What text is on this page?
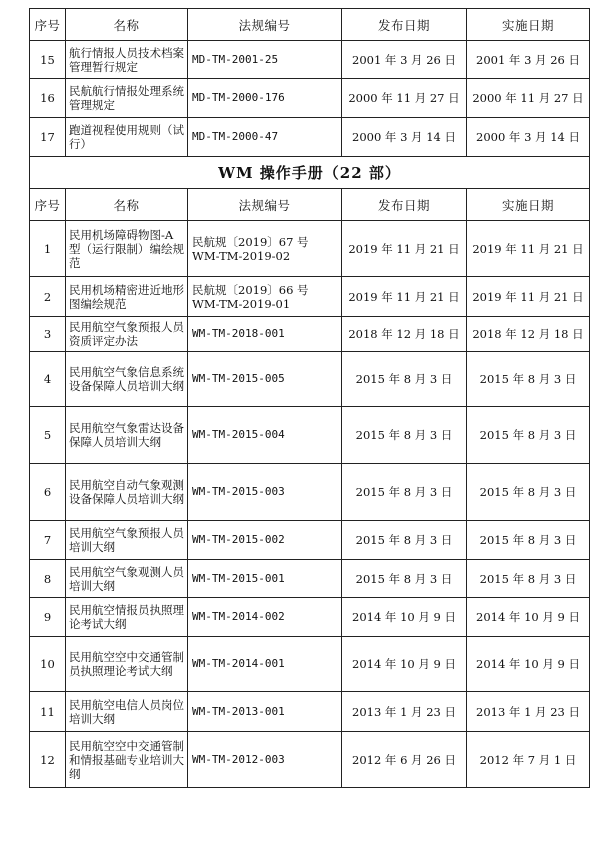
序号	名称	法规编号	发布日期	实施日期
15	航行情报人员技术档案管理暂行规定	MD-TM-2001-25	2001 年 3 月 26 日	2001 年 3 月 26 日
16	民航航行情报处理系统管理规定	MD-TM-2000-176	2000 年 11 月 27 日	2000 年 11 月 27 日
17	跑道视程使用规则（试行）	MD-TM-2000-47	2000 年 3 月 14 日	2000 年 3 月 14 日
WM 操作手册（22 部）				
序号	名称	法规编号	发布日期	实施日期
1	民用机场障碍物图-A 型（运行限制）编绘规范	民航规〔2019〕67 号 WM-TM-2019-02	2019 年 11 月 21 日	2019 年 11 月 21 日
2	民用机场精密进近地形图编绘规范	民航规〔2019〕66 号 WM-TM-2019-01	2019 年 11 月 21 日	2019 年 11 月 21 日
3	民用航空气象预报人员资质评定办法	WM-TM-2018-001	2018 年 12 月 18 日	2018 年 12 月 18 日
4	民用航空气象信息系统设备保障人员培训大纲	WM-TM-2015-005	2015 年 8 月 3 日	2015 年 8 月 3 日
5	民用航空气象雷达设备保障人员培训大纲	WM-TM-2015-004	2015 年 8 月 3 日	2015 年 8 月 3 日
6	民用航空自动气象观测设备保障人员培训大纲	WM-TM-2015-003	2015 年 8 月 3 日	2015 年 8 月 3 日
7	民用航空气象预报人员培训大纲	WM-TM-2015-002	2015 年 8 月 3 日	2015 年 8 月 3 日
8	民用航空气象观测人员培训大纲	WM-TM-2015-001	2015 年 8 月 3 日	2015 年 8 月 3 日
9	民用航空情报员执照理论考试大纲	WM-TM-2014-002	2014 年 10 月 9 日	2014 年 10 月 9 日
10	民用航空空中交通管制员执照理论考试大纲	WM-TM-2014-001	2014 年 10 月 9 日	2014 年 10 月 9 日
11	民用航空电信人员岗位培训大纲	WM-TM-2013-001	2013 年 1 月 23 日	2013 年 1 月 23 日
12	民用航空空中交通管制和情报基础专业培训大纲	WM-TM-2012-003	2012 年 6 月 26 日	2012 年 7 月 1 日
